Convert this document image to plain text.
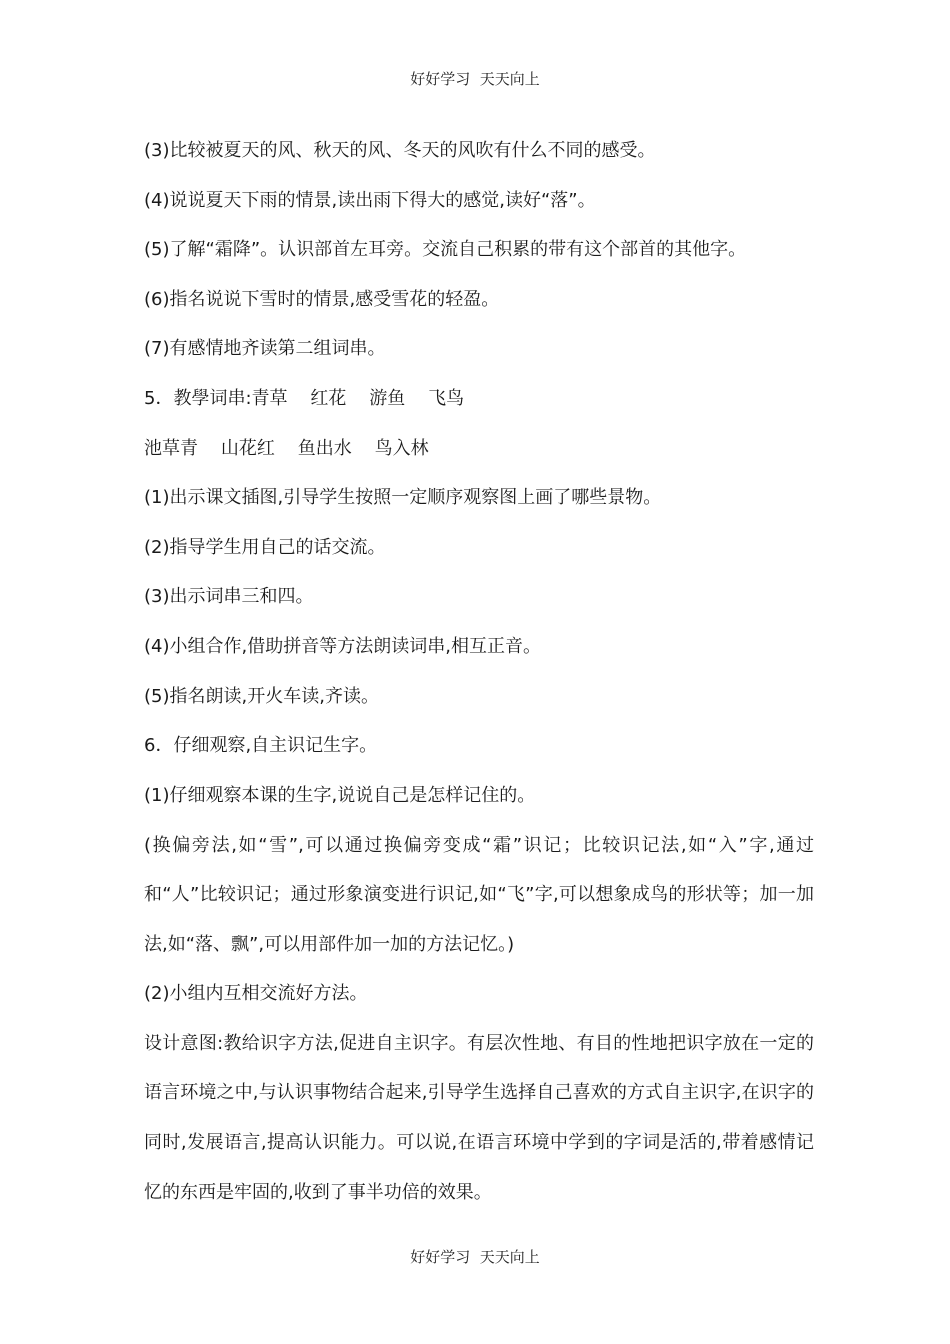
好好学习  天天向上

(3)比较被夏天的风、秋天的风、冬天的风吹有什么不同的感受。

(4)说说夏天下雨的情景,读出雨下得大的感觉,读好“落”。

(5)了解“霜降”。认识部首左耳旁。交流自己积累的带有这个部首的其他字。

(6)指名说说下雪时的情景,感受雪花的轻盈。

(7)有感情地齐读第二组词串。

5．教學词串:青草    红花    游鱼    飞鸟

池草青    山花红    鱼出水    鸟入林

(1)出示课文插图,引导学生按照一定顺序观察图上画了哪些景物。

(2)指导学生用自己的话交流。

(3)出示词串三和四。

(4)小组合作,借助拼音等方法朗读词串,相互正音。

(5)指名朗读,开火车读,齐读。

6．仔细观察,自主识记生字。

(1)仔细观察本课的生字,说说自己是怎样记住的。

(换偏旁法,如“雪”,可以通过换偏旁变成“霜”识记；比较识记法,如“入”字,通过和“人”比较识记；通过形象演变进行识记,如“飞”字,可以想象成鸟的形状等；加一加法,如“落、飘”,可以用部件加一加的方法记忆。)

(2)小组内互相交流好方法。

设计意图:教给识字方法,促进自主识字。有层次性地、有目的性地把识字放在一定的语言环境之中,与认识事物结合起来,引导学生选择自己喜欢的方式自主识字,在识字的同时,发展语言,提高认识能力。可以说,在语言环境中学到的字词是活的,带着感情记忆的东西是牢固的,收到了事半功倍的效果。

好好学习  天天向上
